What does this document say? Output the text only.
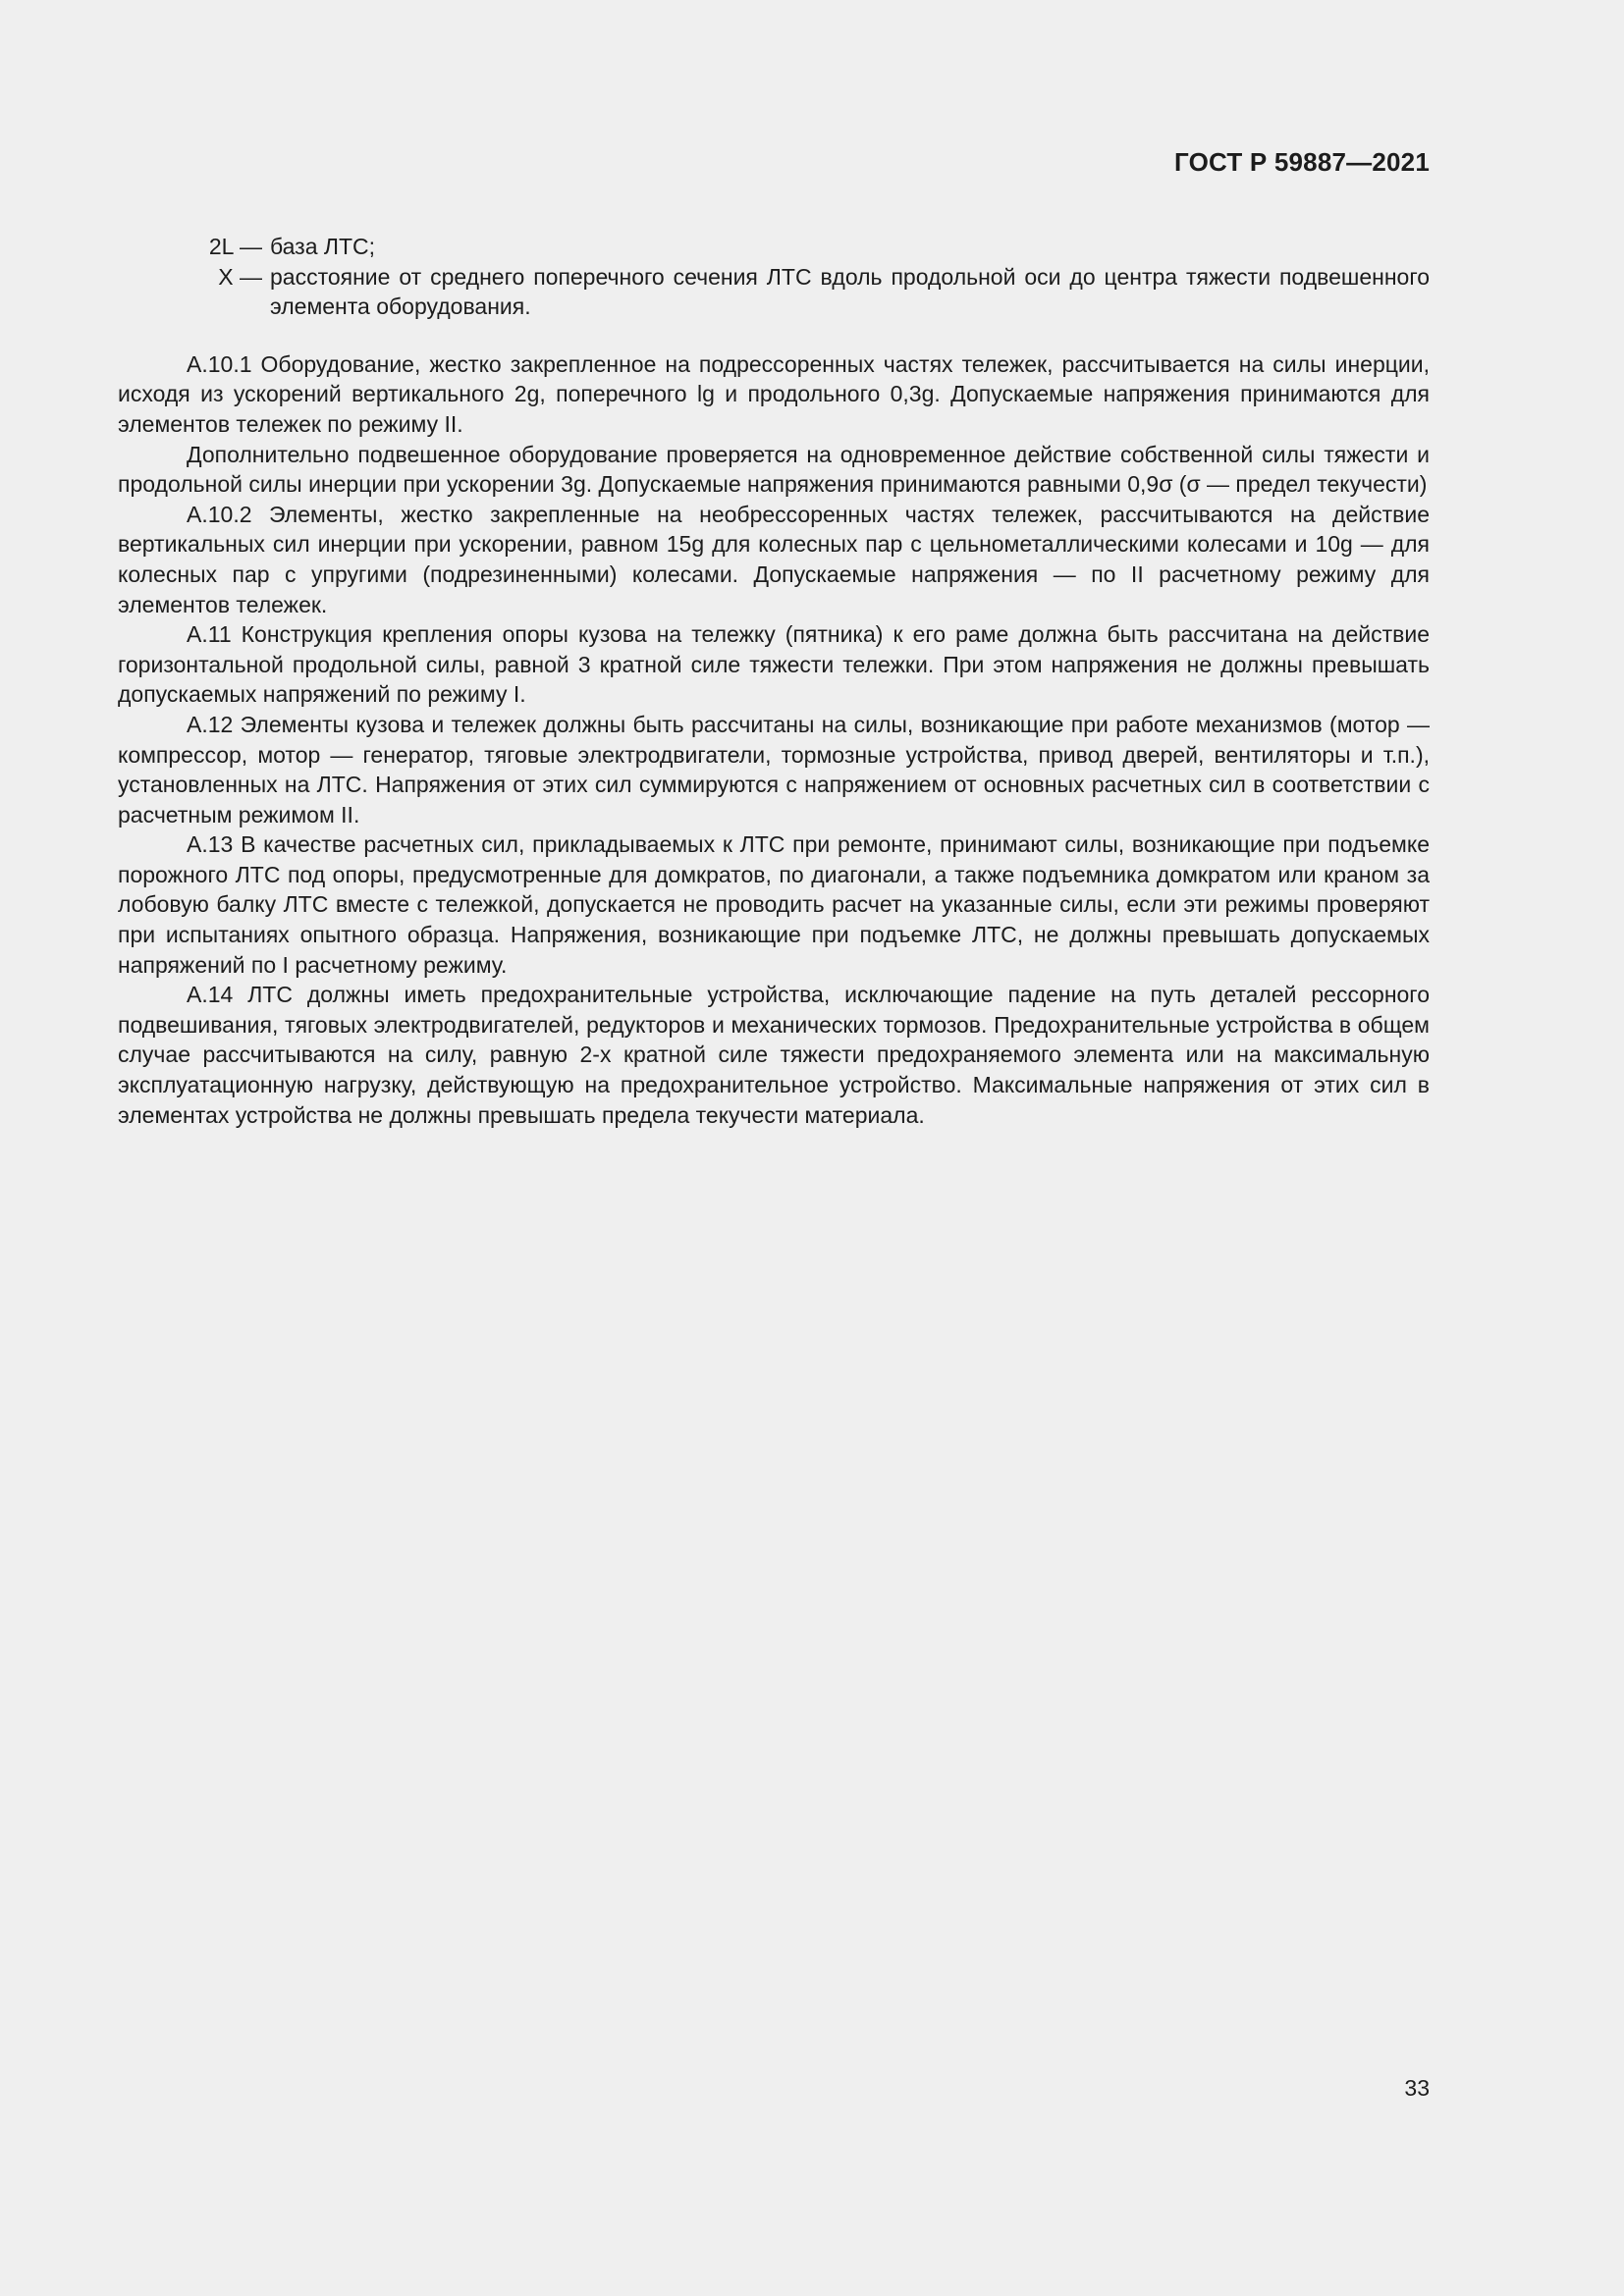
ГОСТ Р 59887—2021
2L — база ЛТС;
X — расстояние от среднего поперечного сечения ЛТС вдоль продольной оси до центра тяжести подвешенного элемента оборудования.

А.10.1 Оборудование, жестко закрепленное на подрессоренных частях тележек, рассчитывается на силы инерции, исходя из ускорений вертикального 2g, поперечного lg и продольного 0,3g. Допускаемые напряжения принимаются для элементов тележек по режиму II.

Дополнительно подвешенное оборудование проверяется на одновременное действие собственной силы тяжести и продольной силы инерции при ускорении 3g. Допускаемые напряжения принимаются равными 0,9σ (σ — предел текучести)

А.10.2 Элементы, жестко закрепленные на необрессоренных частях тележек, рассчитываются на действие вертикальных сил инерции при ускорении, равном 15g для колесных пар с цельнометаллическими колесами и 10g — для колесных пар с упругими (подрезиненными) колесами. Допускаемые напряжения — по II расчетному режиму для элементов тележек.

А.11 Конструкция крепления опоры кузова на тележку (пятника) к его раме должна быть рассчитана на действие горизонтальной продольной силы, равной 3 кратной силе тяжести тележки. При этом напряжения не должны превышать допускаемых напряжений по режиму I.

А.12 Элементы кузова и тележек должны быть рассчитаны на силы, возникающие при работе механизмов (мотор — компрессор, мотор — генератор, тяговые электродвигатели, тормозные устройства, привод дверей, вентиляторы и т.п.), установленных на ЛТС. Напряжения от этих сил суммируются с напряжением от основных расчетных сил в соответствии с расчетным режимом II.

А.13 В качестве расчетных сил, прикладываемых к ЛТС при ремонте, принимают силы, возникающие при подъемке порожного ЛТС под опоры, предусмотренные для домкратов, по диагонали, а также подъемника домкратом или краном за лобовую балку ЛТС вместе с тележкой, допускается не проводить расчет на указанные силы, если эти режимы проверяют при испытаниях опытного образца. Напряжения, возникающие при подъемке ЛТС, не должны превышать допускаемых напряжений по I расчетному режиму.

А.14 ЛТС должны иметь предохранительные устройства, исключающие падение на путь деталей рессорного подвешивания, тяговых электродвигателей, редукторов и механических тормозов. Предохранительные устройства в общем случае рассчитываются на силу, равную 2-х кратной силе тяжести предохраняемого элемента или на максимальную эксплуатационную нагрузку, действующую на предохранительное устройство. Максимальные напряжения от этих сил в элементах устройства не должны превышать предела текучести материала.

33
